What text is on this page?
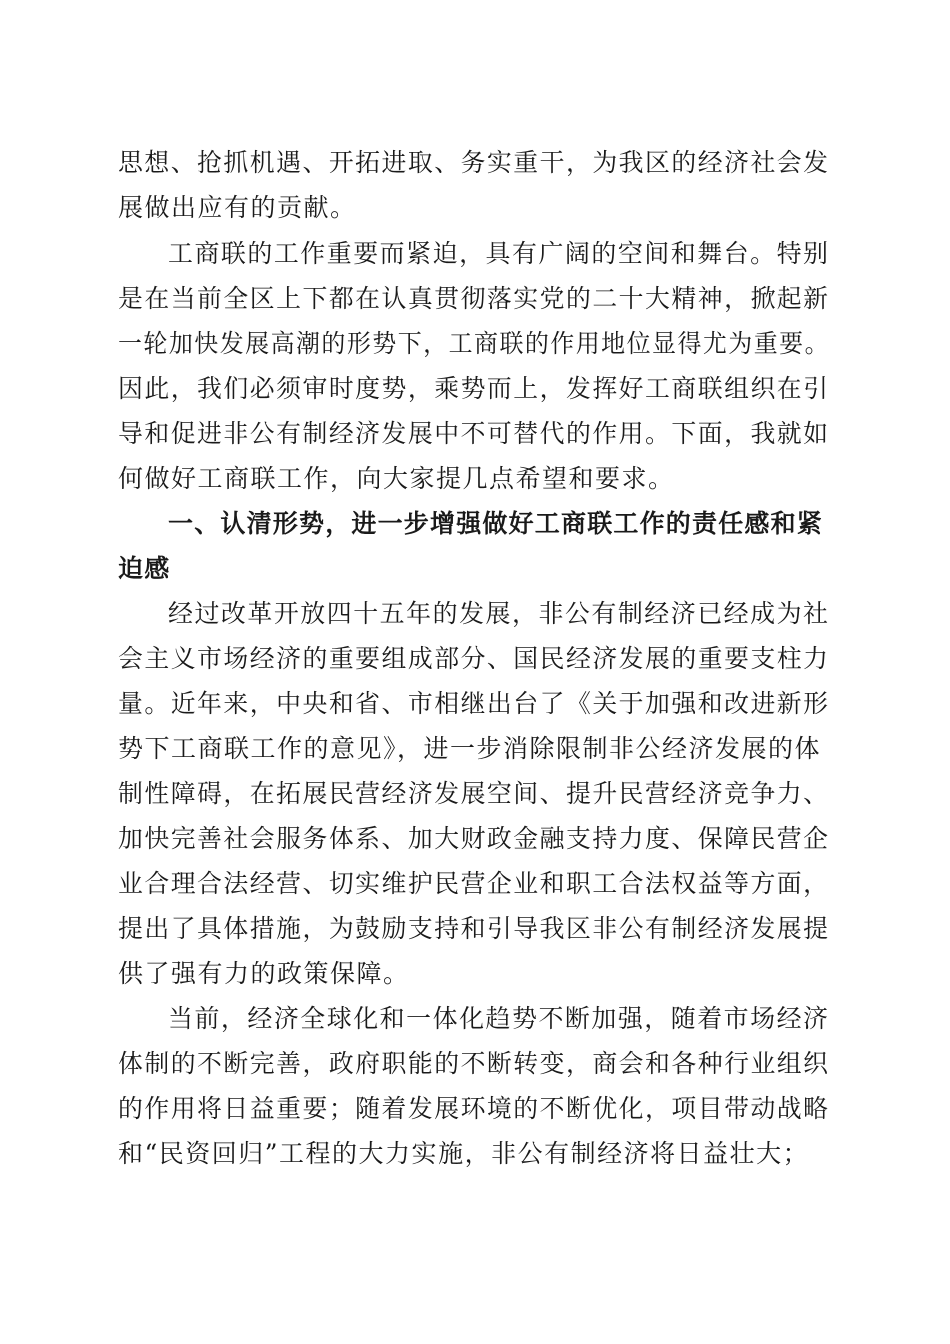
思想、抢抓机遇、开拓进取、务实重干，为我区的经济社会发
展做出应有的贡献。
工商联的工作重要而紧迫，具有广阔的空间和舞台。特别
是在当前全区上下都在认真贯彻落实党的二十大精神，掀起新
一轮加快发展高潮的形势下，工商联的作用地位显得尤为重要。
因此，我们必须审时度势，乘势而上，发挥好工商联组织在引
导和促进非公有制经济发展中不可替代的作用。下面，我就如
何做好工商联工作，向大家提几点希望和要求。
一、认清形势，进一步增强做好工商联工作的责任感和紧
迫感
经过改革开放四十五年的发展，非公有制经济已经成为社
会主义市场经济的重要组成部分、国民经济发展的重要支柱力
量。近年来，中央和省、市相继出台了《关于加强和改进新形
势下工商联工作的意见》，进一步消除限制非公经济发展的体
制性障碍，在拓展民营经济发展空间、提升民营经济竞争力、
加快完善社会服务体系、加大财政金融支持力度、保障民营企
业合理合法经营、切实维护民营企业和职工合法权益等方面，
提出了具体措施，为鼓励支持和引导我区非公有制经济发展提
供了强有力的政策保障。
当前，经济全球化和一体化趋势不断加强，随着市场经济
体制的不断完善，政府职能的不断转变，商会和各种行业组织
的作用将日益重要；随着发展环境的不断优化，项目带动战略
和“民资回归”工程的大力实施，非公有制经济将日益壮大；
